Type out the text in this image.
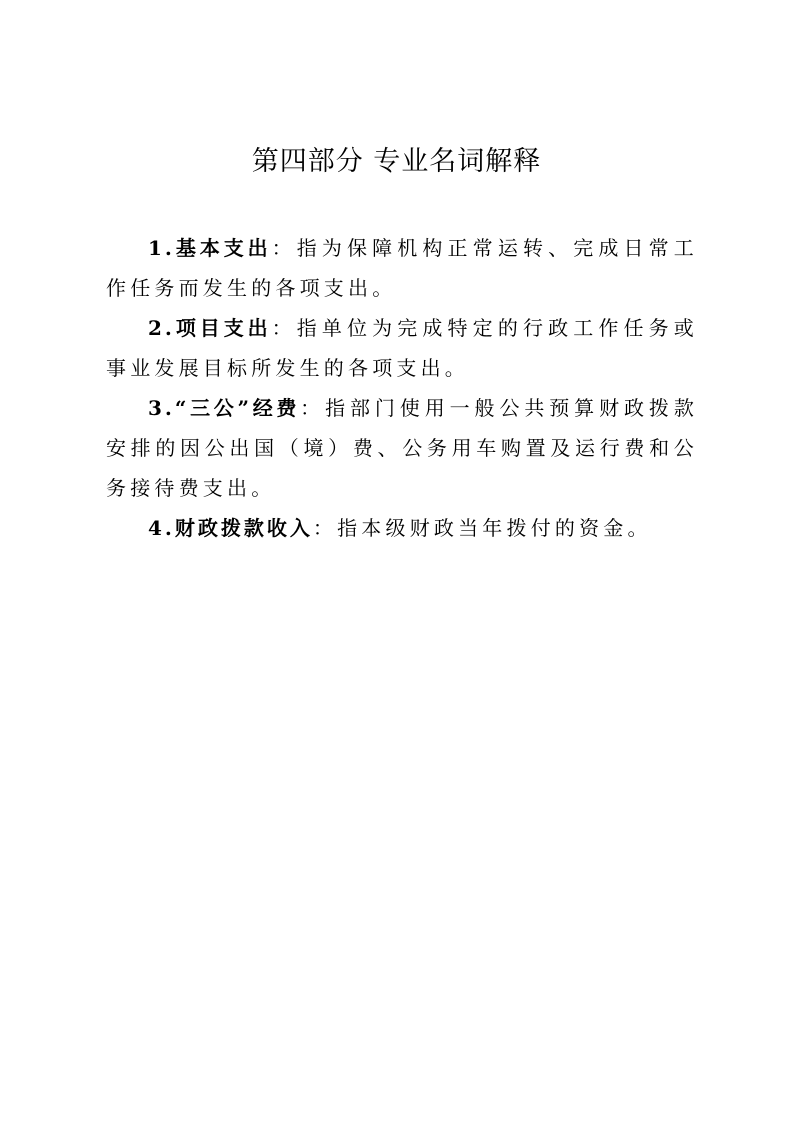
第四部分 专业名词解释

1.基本支出：指为保障机构正常运转、完成日常工作任务而发生的各项支出。

2.项目支出：指单位为完成特定的行政工作任务或事业发展目标所发生的各项支出。

3.“三公”经费：指部门使用一般公共预算财政拨款安排的因公出国（境）费、公务用车购置及运行费和公务接待费支出。

4.财政拨款收入：指本级财政当年拨付的资金。
